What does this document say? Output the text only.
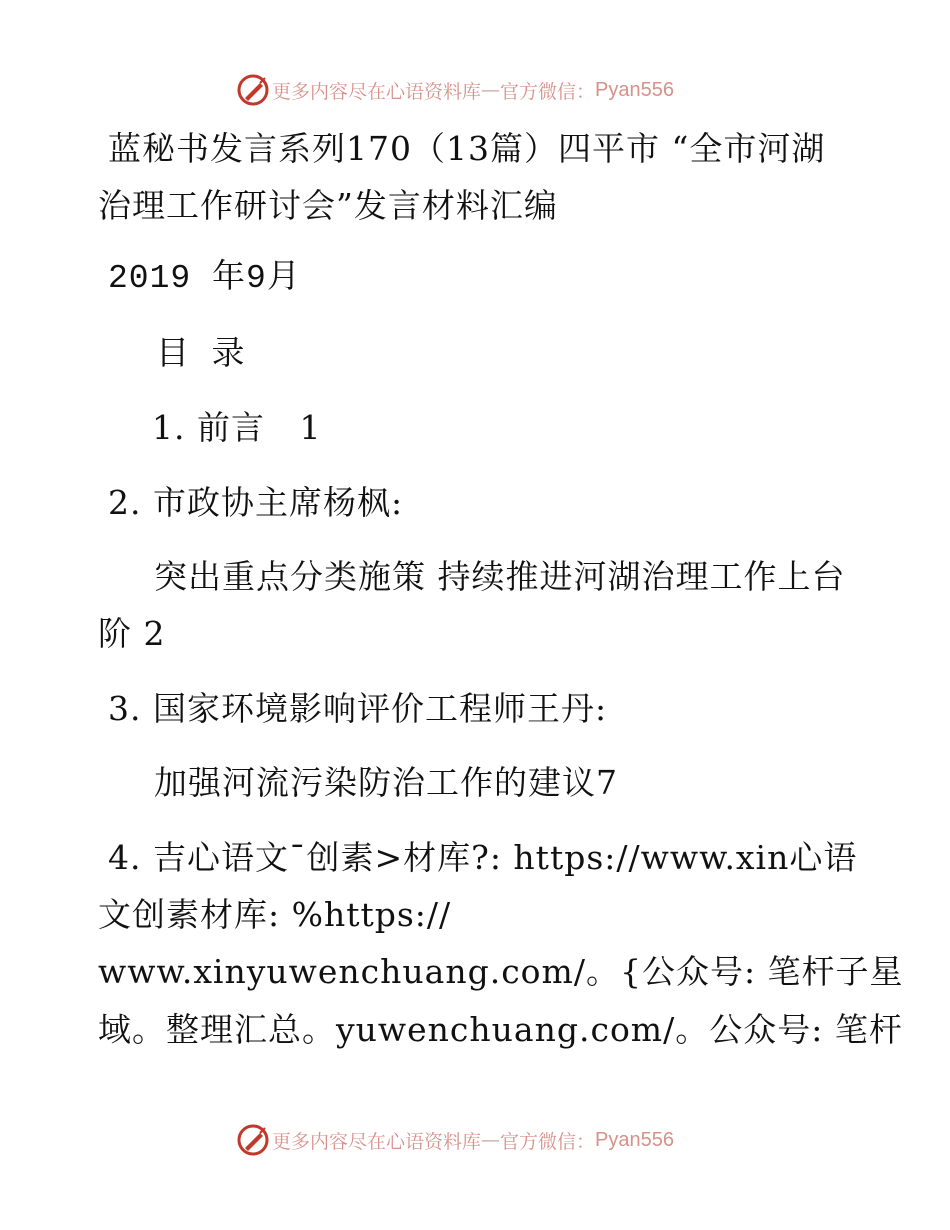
更多内容尽在心语资料库 — 官方微信： Pyan556
蓝秘书发言系列170（13篇）四平市 “全市河湖
治理工作研讨会”发言材料汇编
2019 年9月
目 录
1. 前言   1
2. 市政协主席杨枫:
突出重点分类施策 持续推进河湖治理工作上台
阶 2
3. 国家环境影响评价工程师王丹:
加强河流污染防治工作的建议7
4. 吉心语文¯创素>材库?: https://www.xin心语
文创素材库: %https://
www.xinyuwenchuang.com/。{公众号: 笔杆子星
域。整理汇总。yuwenchuang.com/。公众号: 笔杆
更多内容尽在心语资料库 — 官方微信： Pyan556
